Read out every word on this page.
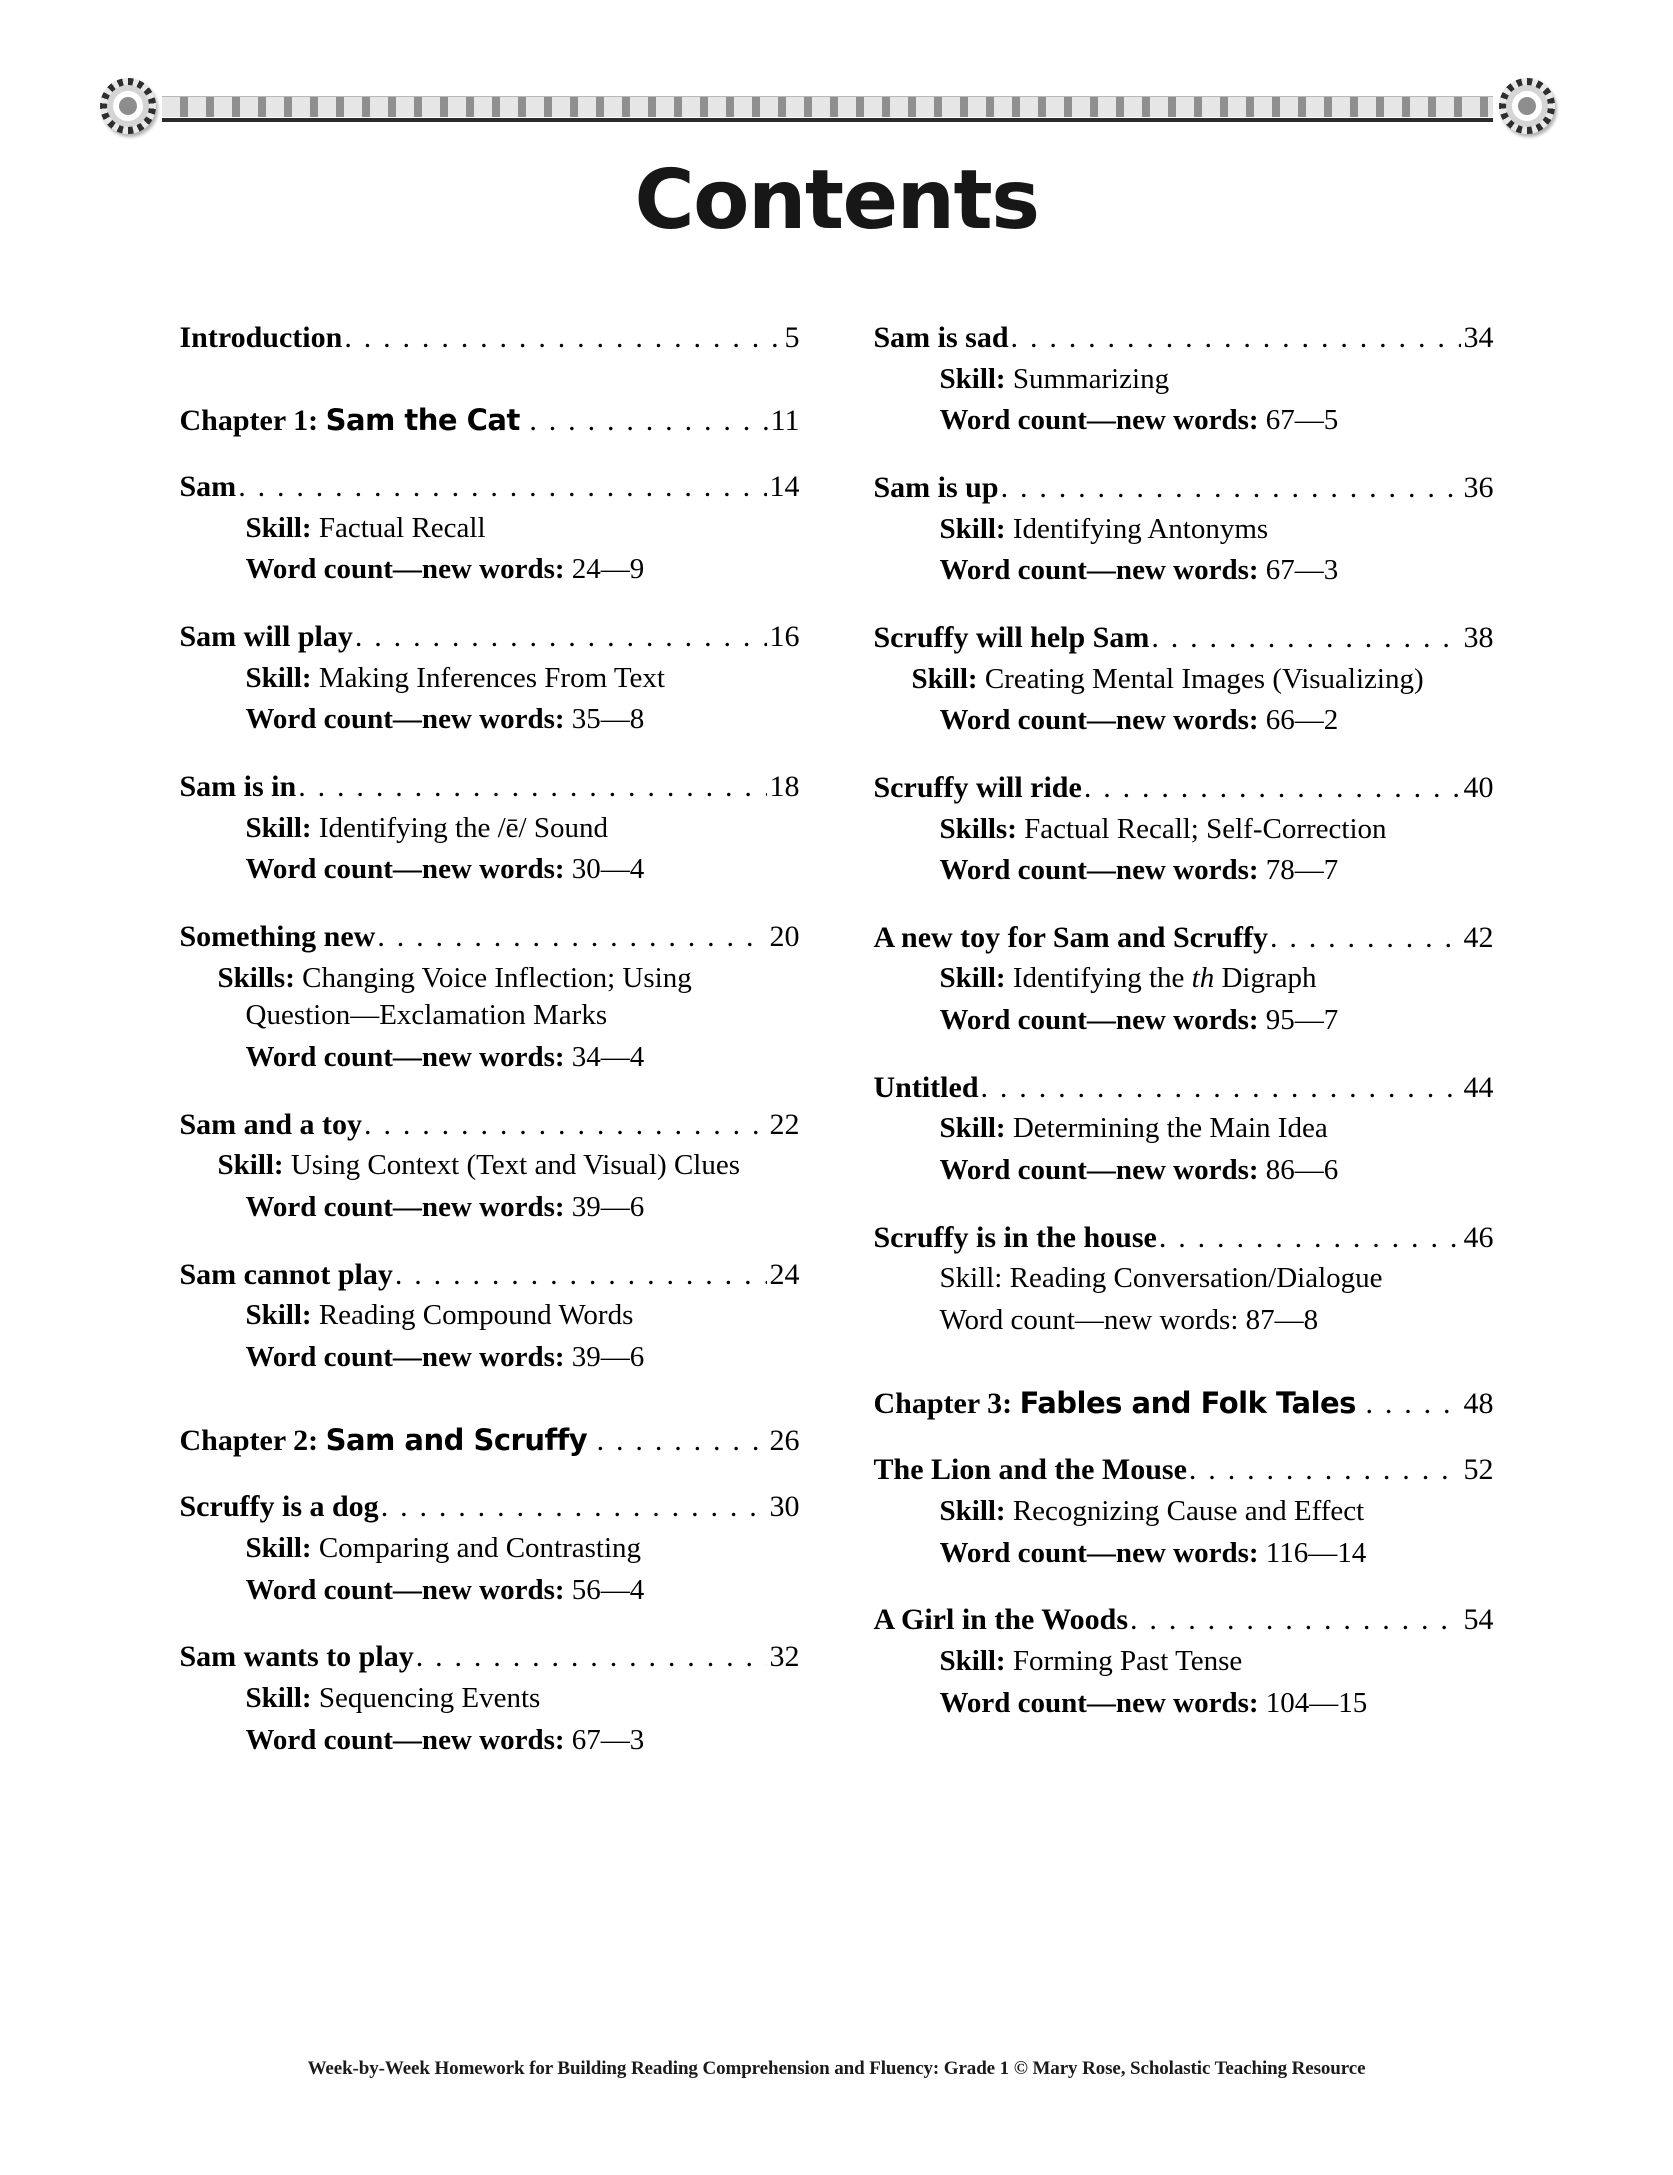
Contents
Introduction . . .	5
Chapter 1: Sam the Cat . . .	11
Sam . . .	14
Skill: Factual Recall
Word count—new words: 24—9
Sam will play . . .	16
Skill: Making Inferences From Text
Word count—new words: 35—8
Sam is in . . .	18
Skill: Identifying the /ē/ Sound
Word count—new words: 30—4
Something new . . .	20
Skills: Changing Voice Inflection; Using Question—Exclamation Marks
Word count—new words: 34—4
Sam and a toy . . .	22
Skill: Using Context (Text and Visual) Clues
Word count—new words: 39—6
Sam cannot play . . .	24
Skill: Reading Compound Words
Word count—new words: 39—6
Chapter 2: Sam and Scruffy . . .	26
Scruffy is a dog . . .	30
Skill: Comparing and Contrasting
Word count—new words: 56—4
Sam wants to play . . .	32
Skill: Sequencing Events
Word count—new words: 67—3
Sam is sad . . .	34
Skill: Summarizing
Word count—new words: 67—5
Sam is up . . .	36
Skill: Identifying Antonyms
Word count—new words: 67—3
Scruffy will help Sam . . .	38
Skill: Creating Mental Images (Visualizing)
Word count—new words: 66—2
Scruffy will ride . . .	40
Skills: Factual Recall; Self-Correction
Word count—new words: 78—7
A new toy for Sam and Scruffy . . .	42
Skill: Identifying the th Digraph
Word count—new words: 95—7
Untitled . . .	44
Skill: Determining the Main Idea
Word count—new words: 86—6
Scruffy is in the house . . .	46
Skill: Reading Conversation/Dialogue
Word count—new words: 87—8
Chapter 3: Fables and Folk Tales . . .	48
The Lion and the Mouse . . .	52
Skill: Recognizing Cause and Effect
Word count—new words: 116—14
A Girl in the Woods . . .	54
Skill: Forming Past Tense
Word count—new words: 104—15
Week-by-Week Homework for Building Reading Comprehension and Fluency: Grade 1 © Mary Rose, Scholastic Teaching Resource
